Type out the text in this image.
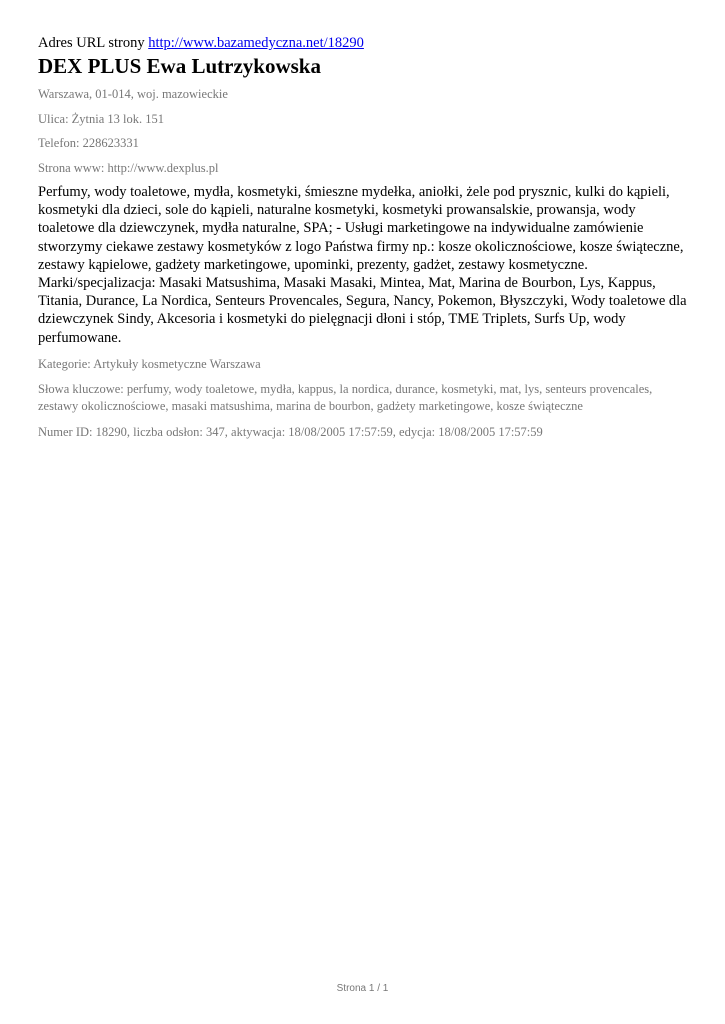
Adres URL strony http://www.bazamedyczna.net/18290

DEX PLUS Ewa Lutrzykowska

Warszawa, 01-014, woj. mazowieckie

Ulica: Żytnia 13 lok. 151

Telefon: 228623331

Strona www: http://www.dexplus.pl

Perfumy, wody toaletowe, mydła, kosmetyki, śmieszne mydełka, aniołki, żele pod prysznic, kulki do kąpieli, kosmetyki dla dzieci, sole do kąpieli, naturalne kosmetyki, kosmetyki prowansalskie, prowansja, wody toaletowe dla dziewczynek, mydła naturalne, SPA; - Usługi marketingowe na indywidualne zamówienie stworzymy ciekawe zestawy kosmetyków z logo Państwa firmy np.: kosze okolicznościowe, kosze świąteczne, zestawy kąpielowe, gadżety marketingowe, upominki, prezenty, gadżet, zestawy kosmetyczne. Marki/specjalizacja: Masaki Matsushima, Masaki Masaki, Mintea, Mat, Marina de Bourbon, Lys, Kappus, Titania, Durance, La Nordica, Senteurs Provencales, Segura, Nancy, Pokemon, Błyszczyki, Wody toaletowe dla dziewczynek Sindy, Akcesoria i kosmetyki do pielęgnacji dłoni i stóp, TME Triplets, Surfs Up, wody perfumowane.

Kategorie: Artykuły kosmetyczne Warszawa

Słowa kluczowe: perfumy, wody toaletowe, mydła, kappus, la nordica, durance, kosmetyki, mat, lys, senteurs provencales, zestawy okolicznościowe, masaki matsushima, marina de bourbon, gadżety marketingowe, kosze świąteczne

Numer ID: 18290, liczba odsłon: 347, aktywacja: 18/08/2005 17:57:59, edycja: 18/08/2005 17:57:59

Strona 1 / 1
